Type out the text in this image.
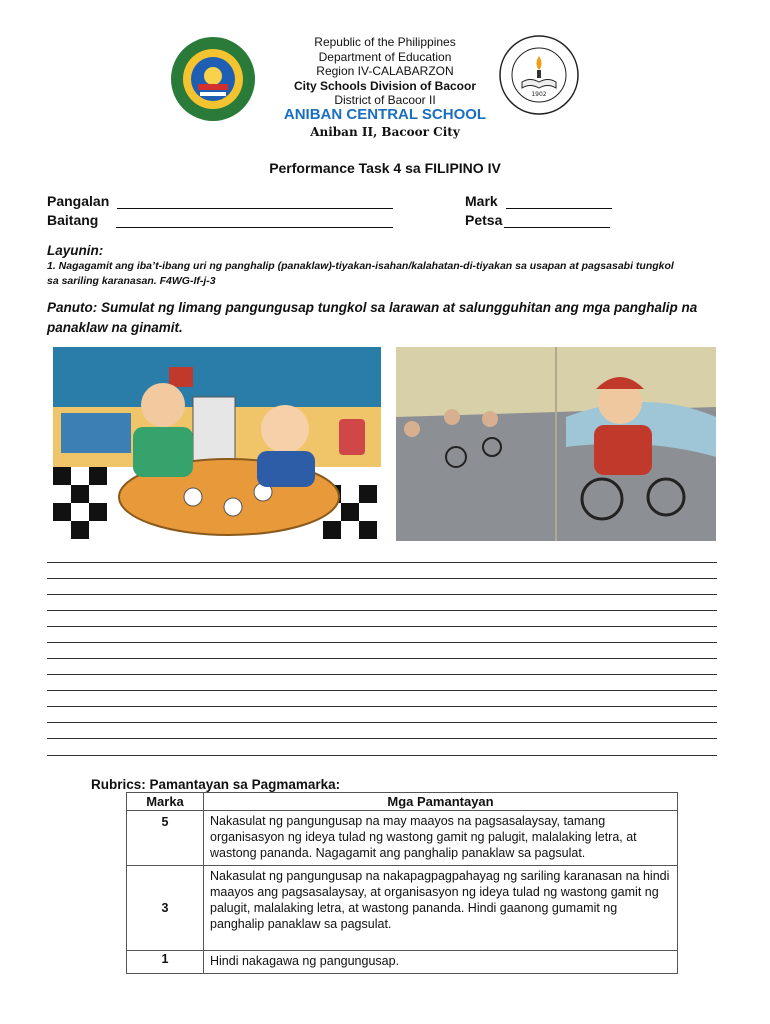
1902
Republic of the Philippines
Department of Education
Region IV-CALABARZON
City Schools Division of Bacoor
District of Bacoor II
ANIBAN CENTRAL SCHOOL
Aniban II, Bacoor City
Performance Task 4 sa FILIPINO IV
Pangalan
Baitang
Mark
Petsa
Layunin:
1. Nagagamit ang iba’t-ibang uri ng panghalip (panaklaw)-tiyakan-isahan/kalahatan-di-tiyakan sa usapan at pagsasabi tungkol sa sariling karanasan. F4WG-If-j-3
Panuto: Sumulat ng limang pangungusap tungkol sa larawan at salungguhitan ang mga panghalip na panaklaw na ginamit.
Rubrics: Pamantayan sa Pagmamarka:
Marka	Mga Pamantayan
5	Nakasulat ng pangungusap na may maayos na pagsasalaysay, tamang organisasyon ng ideya tulad ng wastong gamit ng palugit, malalaking letra, at wastong pananda. Nagagamit ang panghalip panaklaw sa pagsulat.
3	Nakasulat ng pangungusap na nakapagpagpahayag ng sariling karanasan na hindi maayos ang pagsasalaysay, at organisasyon ng ideya tulad ng wastong gamit ng palugit, malalaking letra, at wastong pananda. Hindi gaanong gumamit ng panghalip panaklaw sa pagsulat.
1	Hindi nakagawa ng pangungusap.
